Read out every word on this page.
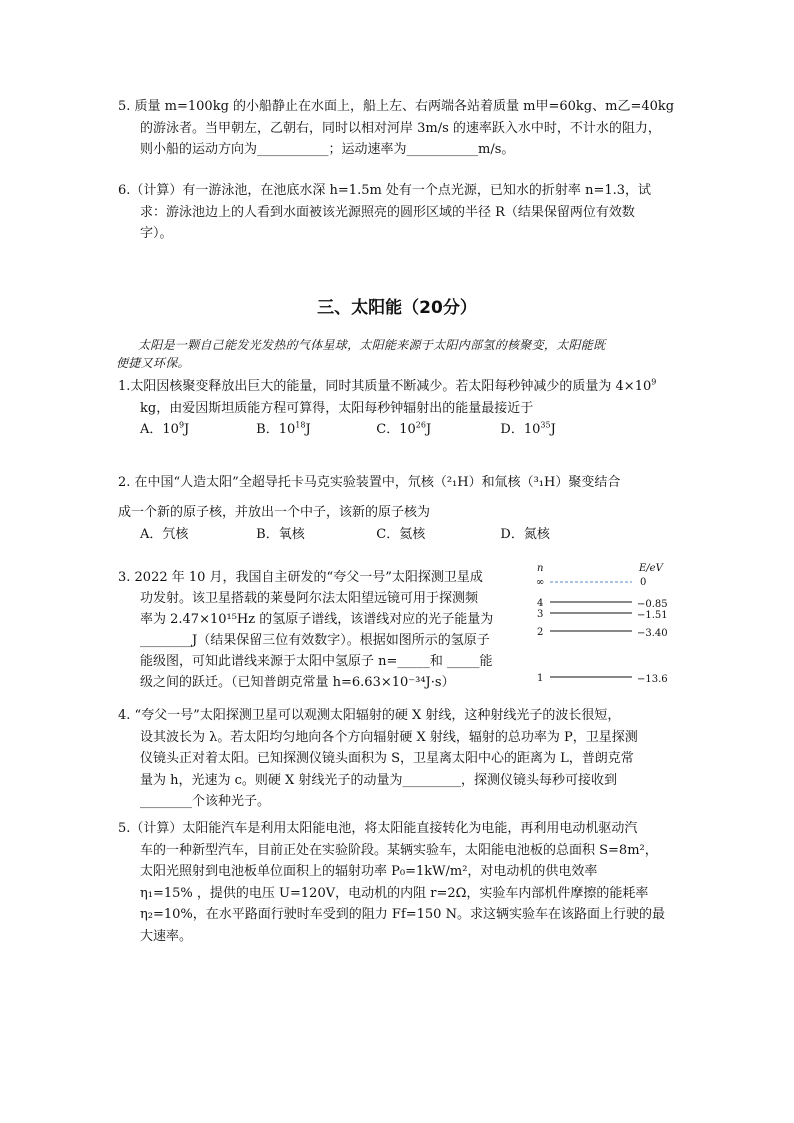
5. 质量 m=100kg 的小船静止在水面上，船上左、右两端各站着质量 m甲=60kg、m乙=40kg
的游泳者。当甲朝左，乙朝右，同时以相对河岸 3m/s 的速率跃入水中时，不计水的阻力，
则小船的运动方向为___________；运动速率为___________m/s。
6.（计算）有一游泳池，在池底水深 h=1.5m 处有一个点光源，已知水的折射率 n=1.3，试
求：游泳池边上的人看到水面被该光源照亮的圆形区域的半径 R（结果保留两位有效数
字）。
三、太阳能（20分）
太阳是一颗自己能发光发热的气体星球，太阳能来源于太阳内部氢的核聚变，太阳能既
便捷又环保。
1.太阳因核聚变释放出巨大的能量，同时其质量不断减少。若太阳每秒钟减少的质量为 $4\times 10^9$
kg，由爱因斯坦质能方程可算得，太阳每秒钟辐射出的能量最接近于
A．$10^9J$	B．$10^{18}J$	C．$10^{26}J$	D．$10^{35}J$
2. 在中国“人造太阳”全超导托卡马克实验装置中，氘核（²₁H）和氚核（³₁H）聚变结合
成一个新的原子核，并放出一个中子，该新的原子核为
A．氕核	B．氧核	C．氦核	D．氮核
3. 2022 年 10 月，我国自主研发的“夸父一号”太阳探测卫星成
功发射。该卫星搭载的莱曼阿尔法太阳望远镜可用于探测频
率为 2.47×10¹⁵Hz 的氢原子谱线，该谱线对应的光子能量为
________J（结果保留三位有效数字）。根据如图所示的氢原子
能级图，可知此谱线来源于太阳中氢原子 n=_____和 _____能
级之间的跃迁。（已知普朗克常量 h=6.63×10⁻³⁴J·s）
n	E/eV
∞	0
4	−0.85
3	−1.51
2	−3.40
1	−13.6
4. “夸父一号”太阳探测卫星可以观测太阳辐射的硬 X 射线，这种射线光子的波长很短，
设其波长为 λ。若太阳均匀地向各个方向辐射硬 X 射线，辐射的总功率为 P，卫星探测
仪镜头正对着太阳。已知探测仪镜头面积为 S，卫星离太阳中心的距离为 L，普朗克常
量为 h，光速为 c。则硬 X 射线光子的动量为_________，探测仪镜头每秒可接收到
________个该种光子。
5.（计算）太阳能汽车是利用太阳能电池，将太阳能直接转化为电能，再利用电动机驱动汽
车的一种新型汽车，目前正处在实验阶段。某辆实验车，太阳能电池板的总面积 S=8m²，
太阳光照射到电池板单位面积上的辐射功率 P₀=1kW/m²，对电动机的供电效率
η₁=15% ，提供的电压 U=120V，电动机的内阻 r=2Ω，实验车内部机件摩擦的能耗率
η₂=10%，在水平路面行驶时车受到的阻力 Ff=150 N。求这辆实验车在该路面上行驶的最
大速率。
